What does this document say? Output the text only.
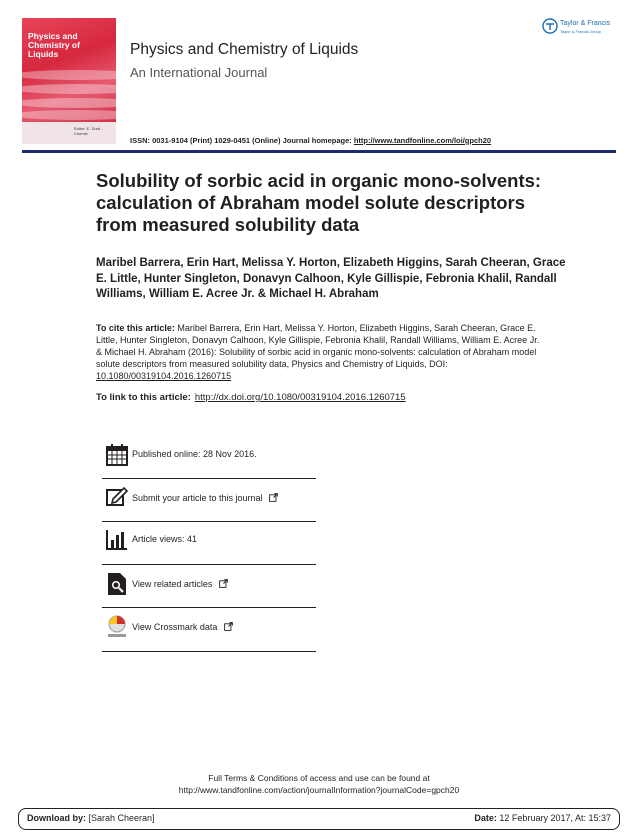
Physics and Chemistry of Liquids
Editor: E. Dudt ... Chemie
Physics and Chemistry of Liquids
An International Journal
Taylor & Francis
Taylor & Francis Group
ISSN: 0031-9104 (Print) 1029-0451 (Online) Journal homepage: http://www.tandfonline.com/loi/gpch20
Solubility of sorbic acid in organic mono-solvents: calculation of Abraham model solute descriptors from measured solubility data
Maribel Barrera, Erin Hart, Melissa Y. Horton, Elizabeth Higgins, Sarah Cheeran, Grace E. Little, Hunter Singleton, Donavyn Calhoon, Kyle Gillispie, Febronia Khalil, Randall Williams, William E. Acree Jr. & Michael H. Abraham
To cite this article: Maribel Barrera, Erin Hart, Melissa Y. Horton, Elizabeth Higgins, Sarah Cheeran, Grace E. Little, Hunter Singleton, Donavyn Calhoon, Kyle Gillispie, Febronia Khalil, Randall Williams, William E. Acree Jr. & Michael H. Abraham (2016): Solubility of sorbic acid in organic mono-solvents: calculation of Abraham model solute descriptors from measured solubility data, Physics and Chemistry of Liquids, DOI: 10.1080/00319104.2016.1260715
To link to this article: http://dx.doi.org/10.1080/00319104.2016.1260715
Published online: 28 Nov 2016.
Submit your article to this journal
Article views: 41
View related articles
View Crossmark data
Full Terms & Conditions of access and use can be found at
http://www.tandfonline.com/action/journalInformation?journalCode=gpch20
Download by: [Sarah Cheeran]	Date: 12 February 2017, At: 15:37
